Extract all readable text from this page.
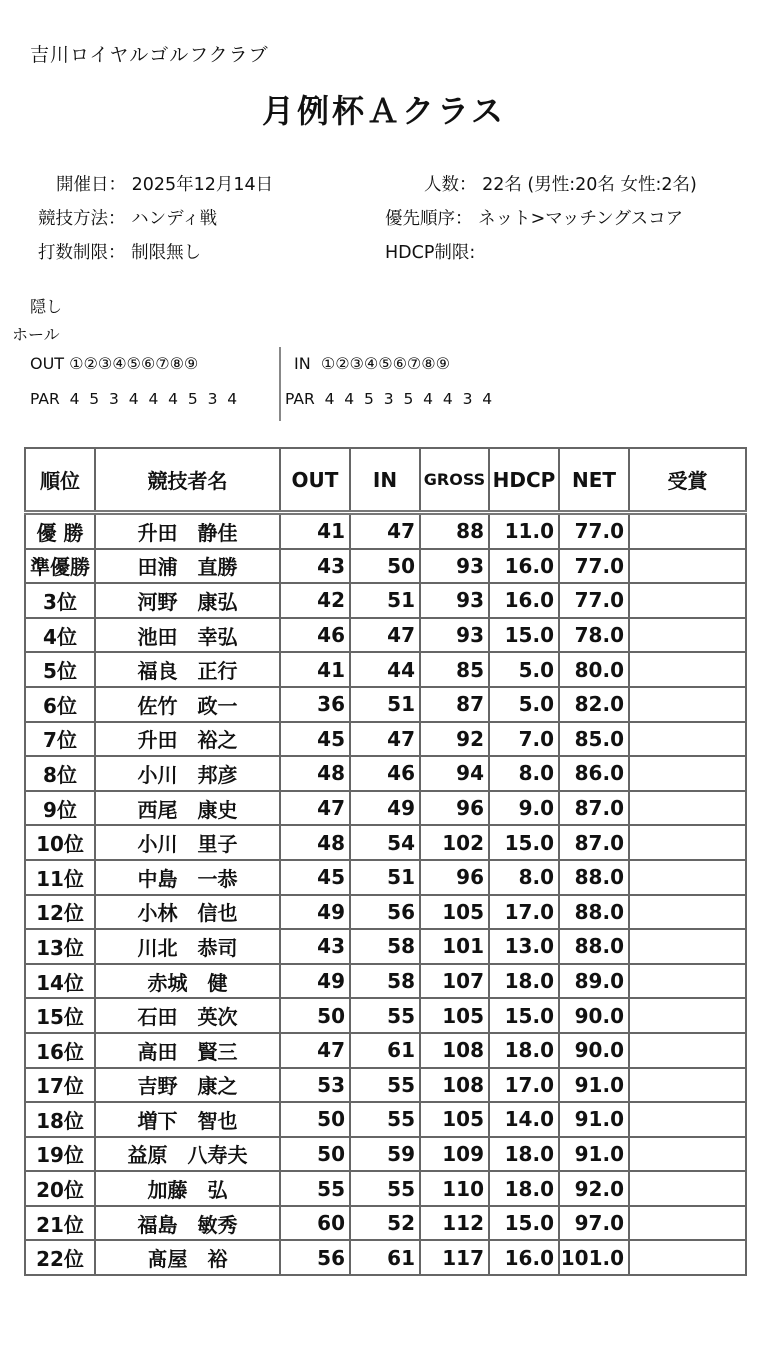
吉川ロイヤルゴルフクラブ
月例杯Ａクラス
開催日： 2025年12月14日	人数： 22名 (男性:20名 女性:2名)
競技方法： ハンディ戦	優先順序： ネット>マッチングスコア
打数制限： 制限無し	HDCP制限:
隠し
ホール
OUT ①②③④⑤⑥⑦⑧⑨	IN  ①②③④⑤⑥⑦⑧⑨
PAR  4  5  3  4  4  4  5  3  4	PAR  4  4  5  3  5  4  4  3  4
順位	競技者名	OUT	IN	GROSS	HDCP	NET	受賞
優 勝	升田　静佳	41	47	88	11.0	77.0	
準優勝	田浦　直勝	43	50	93	16.0	77.0	
3位	河野　康弘	42	51	93	16.0	77.0	
4位	池田　幸弘	46	47	93	15.0	78.0	
5位	福良　正行	41	44	85	5.0	80.0	
6位	佐竹　政一	36	51	87	5.0	82.0	
7位	升田　裕之	45	47	92	7.0	85.0	
8位	小川　邦彦	48	46	94	8.0	86.0	
9位	西尾　康史	47	49	96	9.0	87.0	
10位	小川　里子	48	54	102	15.0	87.0	
11位	中島　一恭	45	51	96	8.0	88.0	
12位	小林　信也	49	56	105	17.0	88.0	
13位	川北　恭司	43	58	101	13.0	88.0	
14位	赤城　健	49	58	107	18.0	89.0	
15位	石田　英次	50	55	105	15.0	90.0	
16位	高田　賢三	47	61	108	18.0	90.0	
17位	吉野　康之	53	55	108	17.0	91.0	
18位	増下　智也	50	55	105	14.0	91.0	
19位	益原　八寿夫	50	59	109	18.0	91.0	
20位	加藤　弘	55	55	110	18.0	92.0	
21位	福島　敏秀	60	52	112	15.0	97.0	
22位	髙屋　裕	56	61	117	16.0	101.0	
